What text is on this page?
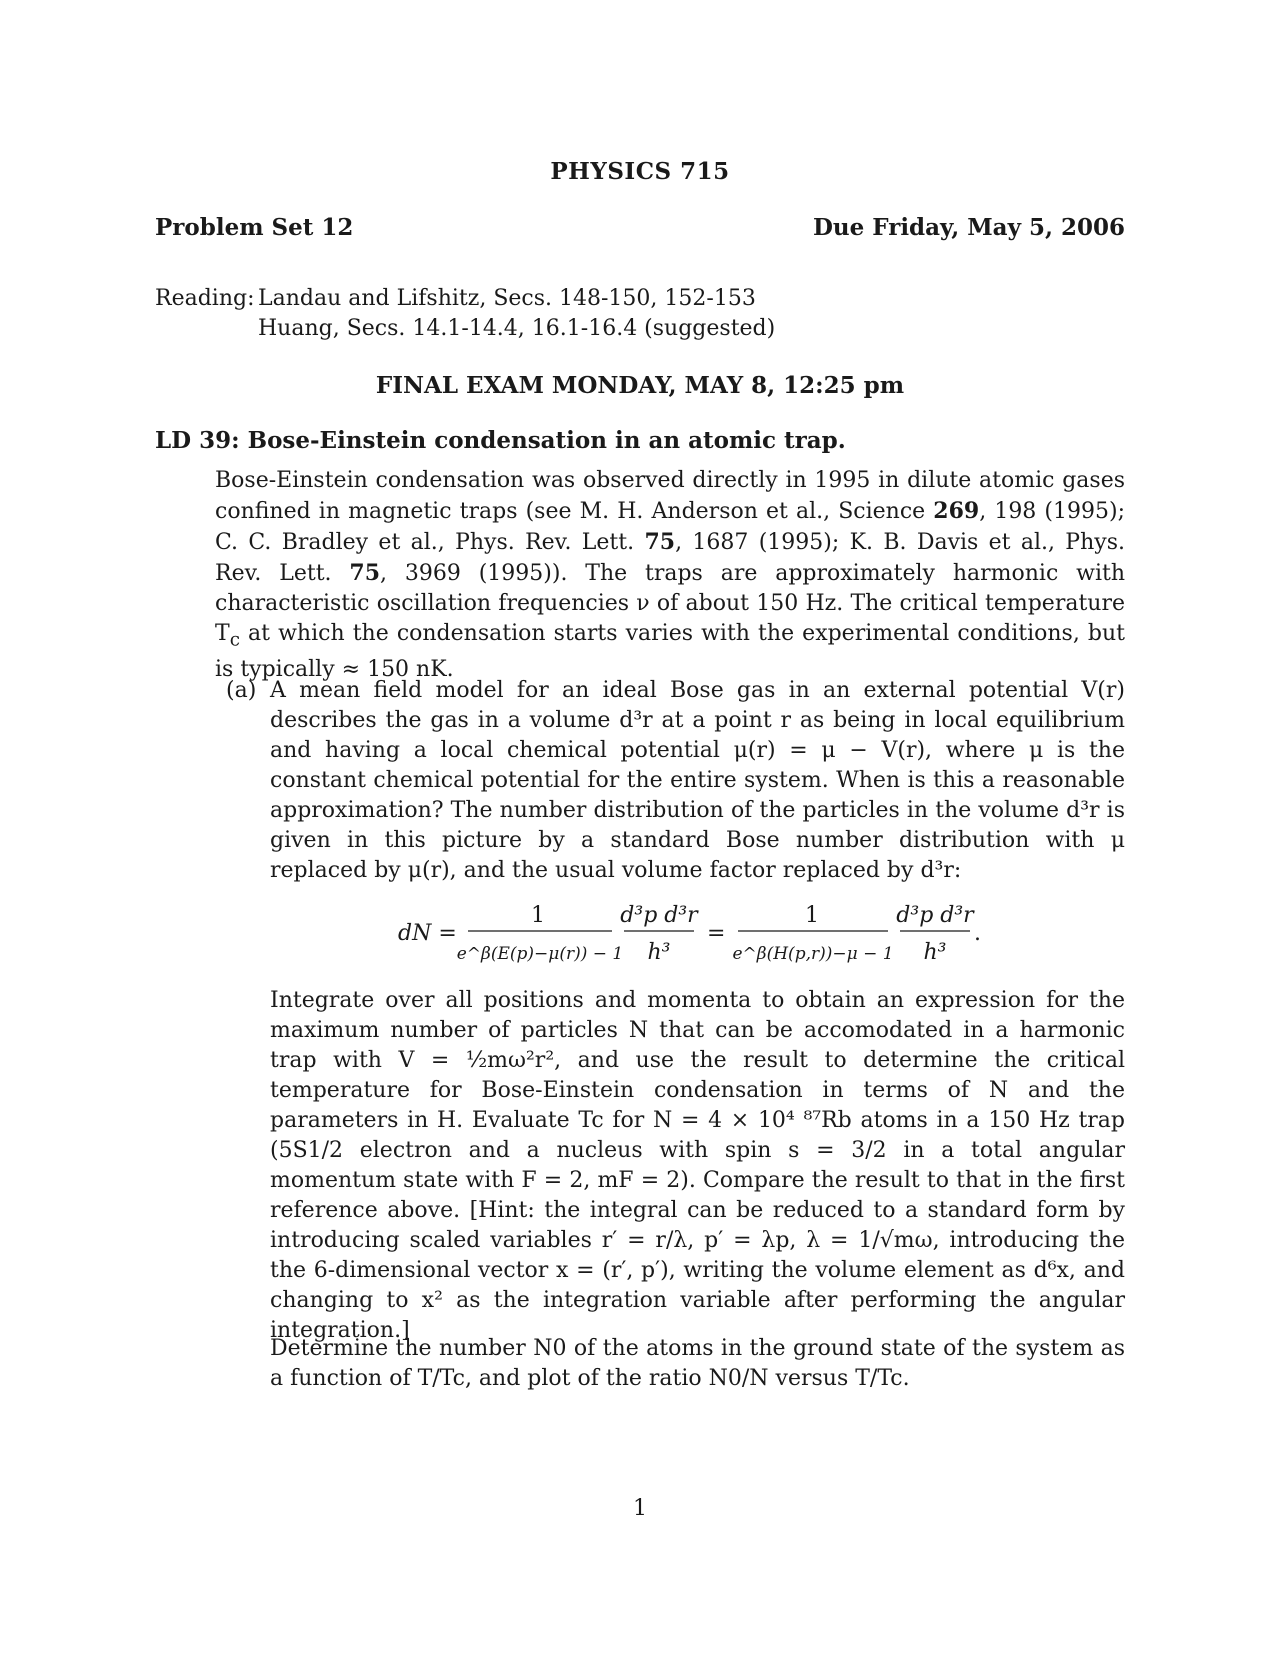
PHYSICS 715
Problem Set 12	Due Friday, May 5, 2006
Reading: Landau and Lifshitz, Secs. 148-150, 152-153
Huang, Secs. 14.1-14.4, 16.1-16.4 (suggested)
FINAL EXAM MONDAY, MAY 8, 12:25 pm
LD 39: Bose-Einstein condensation in an atomic trap.
Bose-Einstein condensation was observed directly in 1995 in dilute atomic gases confined in magnetic traps (see M. H. Anderson et al., Science 269, 198 (1995); C. C. Bradley et al., Phys. Rev. Lett. 75, 1687 (1995); K. B. Davis et al., Phys. Rev. Lett. 75, 3969 (1995)). The traps are approximately harmonic with characteristic oscillation frequencies ν of about 150 Hz. The critical temperature $T_c$ at which the condensation starts varies with the experimental conditions, but is typically ≈ 150 nK.
(a) A mean field model for an ideal Bose gas in an external potential V(r) describes the gas in a volume d³r at a point r as being in local equilibrium and having a local chemical potential μ(r) = μ − V(r), where μ is the constant chemical potential for the entire system. When is this a reasonable approximation? The number distribution of the particles in the volume d³r is given in this picture by a standard Bose number distribution with μ replaced by μ(r), and the usual volume factor replaced by d³r:
dN =
1
e^β(E(p)−μ(r)) − 1
d³p d³r
h³
=
1
e^β(H(p,r))−μ − 1
d³p d³r
h³
.
Integrate over all positions and momenta to obtain an expression for the maximum number of particles N that can be accomodated in a harmonic trap with V = ½mω²r², and use the result to determine the critical temperature for Bose-Einstein condensation in terms of N and the parameters in H. Evaluate Tc for N = 4 × 10⁴ ⁸⁷Rb atoms in a 150 Hz trap (5S1/2 electron and a nucleus with spin s = 3/2 in a total angular momentum state with F = 2, mF = 2). Compare the result to that in the first reference above. [Hint: the integral can be reduced to a standard form by introducing scaled variables r′ = r/λ, p′ = λp, λ = 1/√mω, introducing the the 6-dimensional vector x = (r′, p′), writing the volume element as d⁶x, and changing to x² as the integration variable after performing the angular integration.]
Determine the number N0 of the atoms in the ground state of the system as a function of T/Tc, and plot of the ratio N0/N versus T/Tc.
1
